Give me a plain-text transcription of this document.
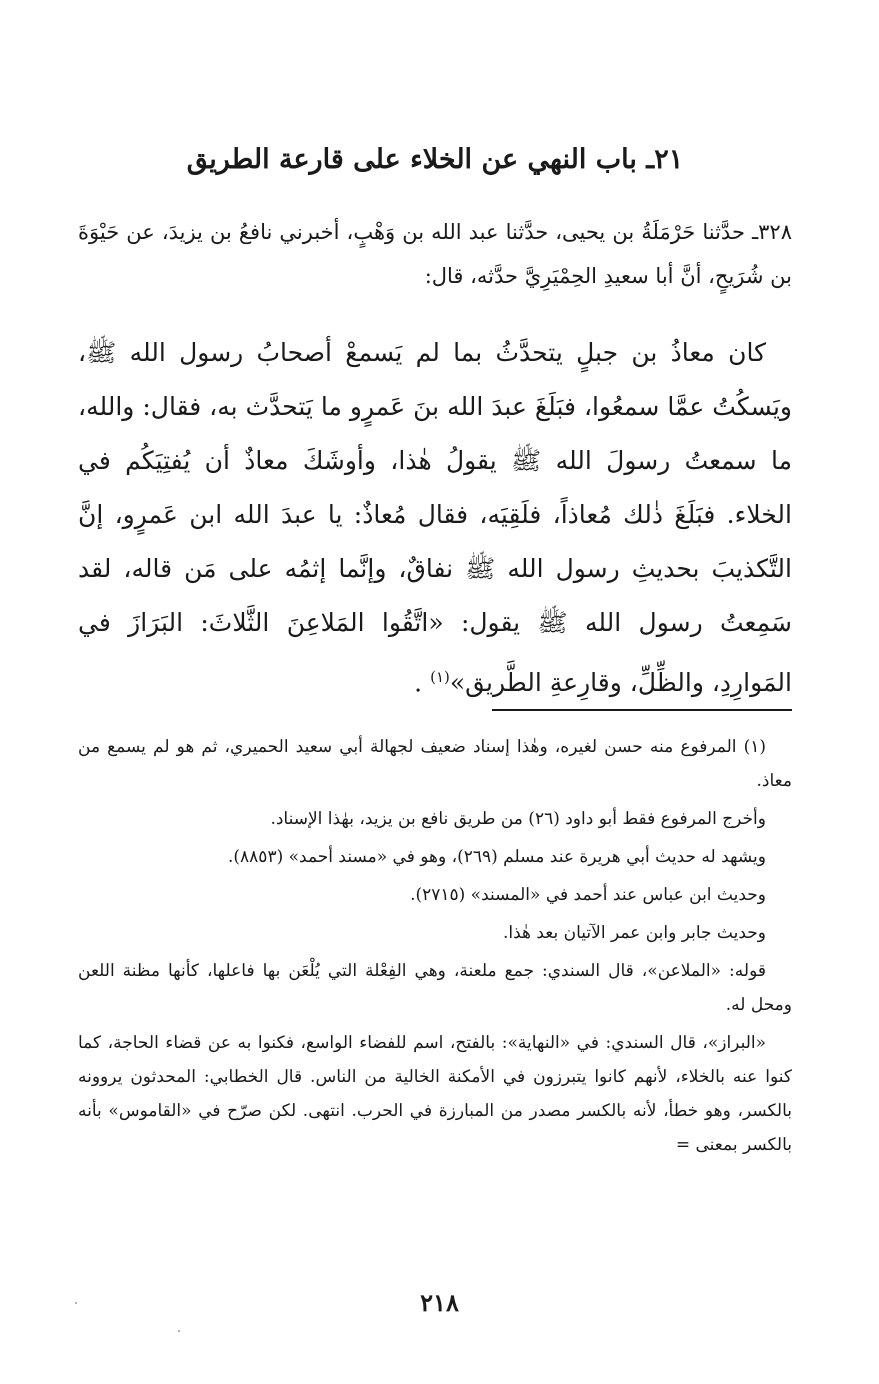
٢١ـ باب النهي عن الخلاء على قارعة الطريق

٣٢٨ـ حدَّثنا حَرْمَلَةُ بن يحيى، حدَّثنا عبد الله بن وَهْبٍ، أخبرني نافعُ بن يزيدَ، عن حَيْوَةَ بن شُرَيحٍ، أنَّ أبا سعيدِ الحِمْيَرِيَّ حدَّثه، قال:

كان معاذُ بن جبلٍ يتحدَّثُ بما لم يَسمعْ أصحابُ رسول الله ﷺ، ويَسكُتُ عمَّا سمعُوا، فبَلَغَ عبدَ الله بنَ عَمرٍو ما يَتحدَّث به، فقال: والله، ما سمعتُ رسولَ الله ﷺ يقولُ هٰذا، وأوشَكَ معاذٌ أن يُفتِيَكُم في الخلاء. فبَلَغَ ذٰلك مُعاذاً، فلَقِيَه، فقال مُعاذٌ: يا عبدَ الله ابن عَمرٍو، إنَّ التَّكذيبَ بحديثِ رسول الله ﷺ نفاقٌ، وإنَّما إثمُه على مَن قاله، لقد سَمِعتُ رسول الله ﷺ يقول: «اتَّقُوا المَلاعِنَ الثَّلاثَ: البَرَازَ في المَوارِدِ، والظِّلِّ، وقارِعةِ الطَّريق»$^{(١)}$ .

(١) المرفوع منه حسن لغيره، وهٰذا إسناد ضعيف لجهالة أبي سعيد الحميري، ثم هو لم يسمع من معاذ.

وأخرج المرفوع فقط أبو داود (٢٦) من طريق نافع بن يزيد، بهٰذا الإسناد.

ويشهد له حديث أبي هريرة عند مسلم (٢٦٩)، وهو في «مسند أحمد» (٨٨٥٣).

وحديث ابن عباس عند أحمد في «المسند» (٢٧١٥).

وحديث جابر وابن عمر الآتيان بعد هٰذا.

قوله: «الملاعن»، قال السندي: جمع ملعنة، وهي الفِعْلة التي يُلْعَن بها فاعلها، كأنها مظنة اللعن ومحل له.

«البراز»، قال السندي: في «النهاية»: بالفتح، اسم للفضاء الواسع، فكنوا به عن قضاء الحاجة، كما كنوا عنه بالخلاء، لأنهم كانوا يتبرزون في الأمكنة الخالية من الناس. قال الخطابي: المحدثون يروونه بالكسر، وهو خطأ، لأنه بالكسر مصدر من المبارزة في الحرب. انتهى. لكن صرّح في «القاموس» بأنه بالكسر بمعنى =

٢١٨
